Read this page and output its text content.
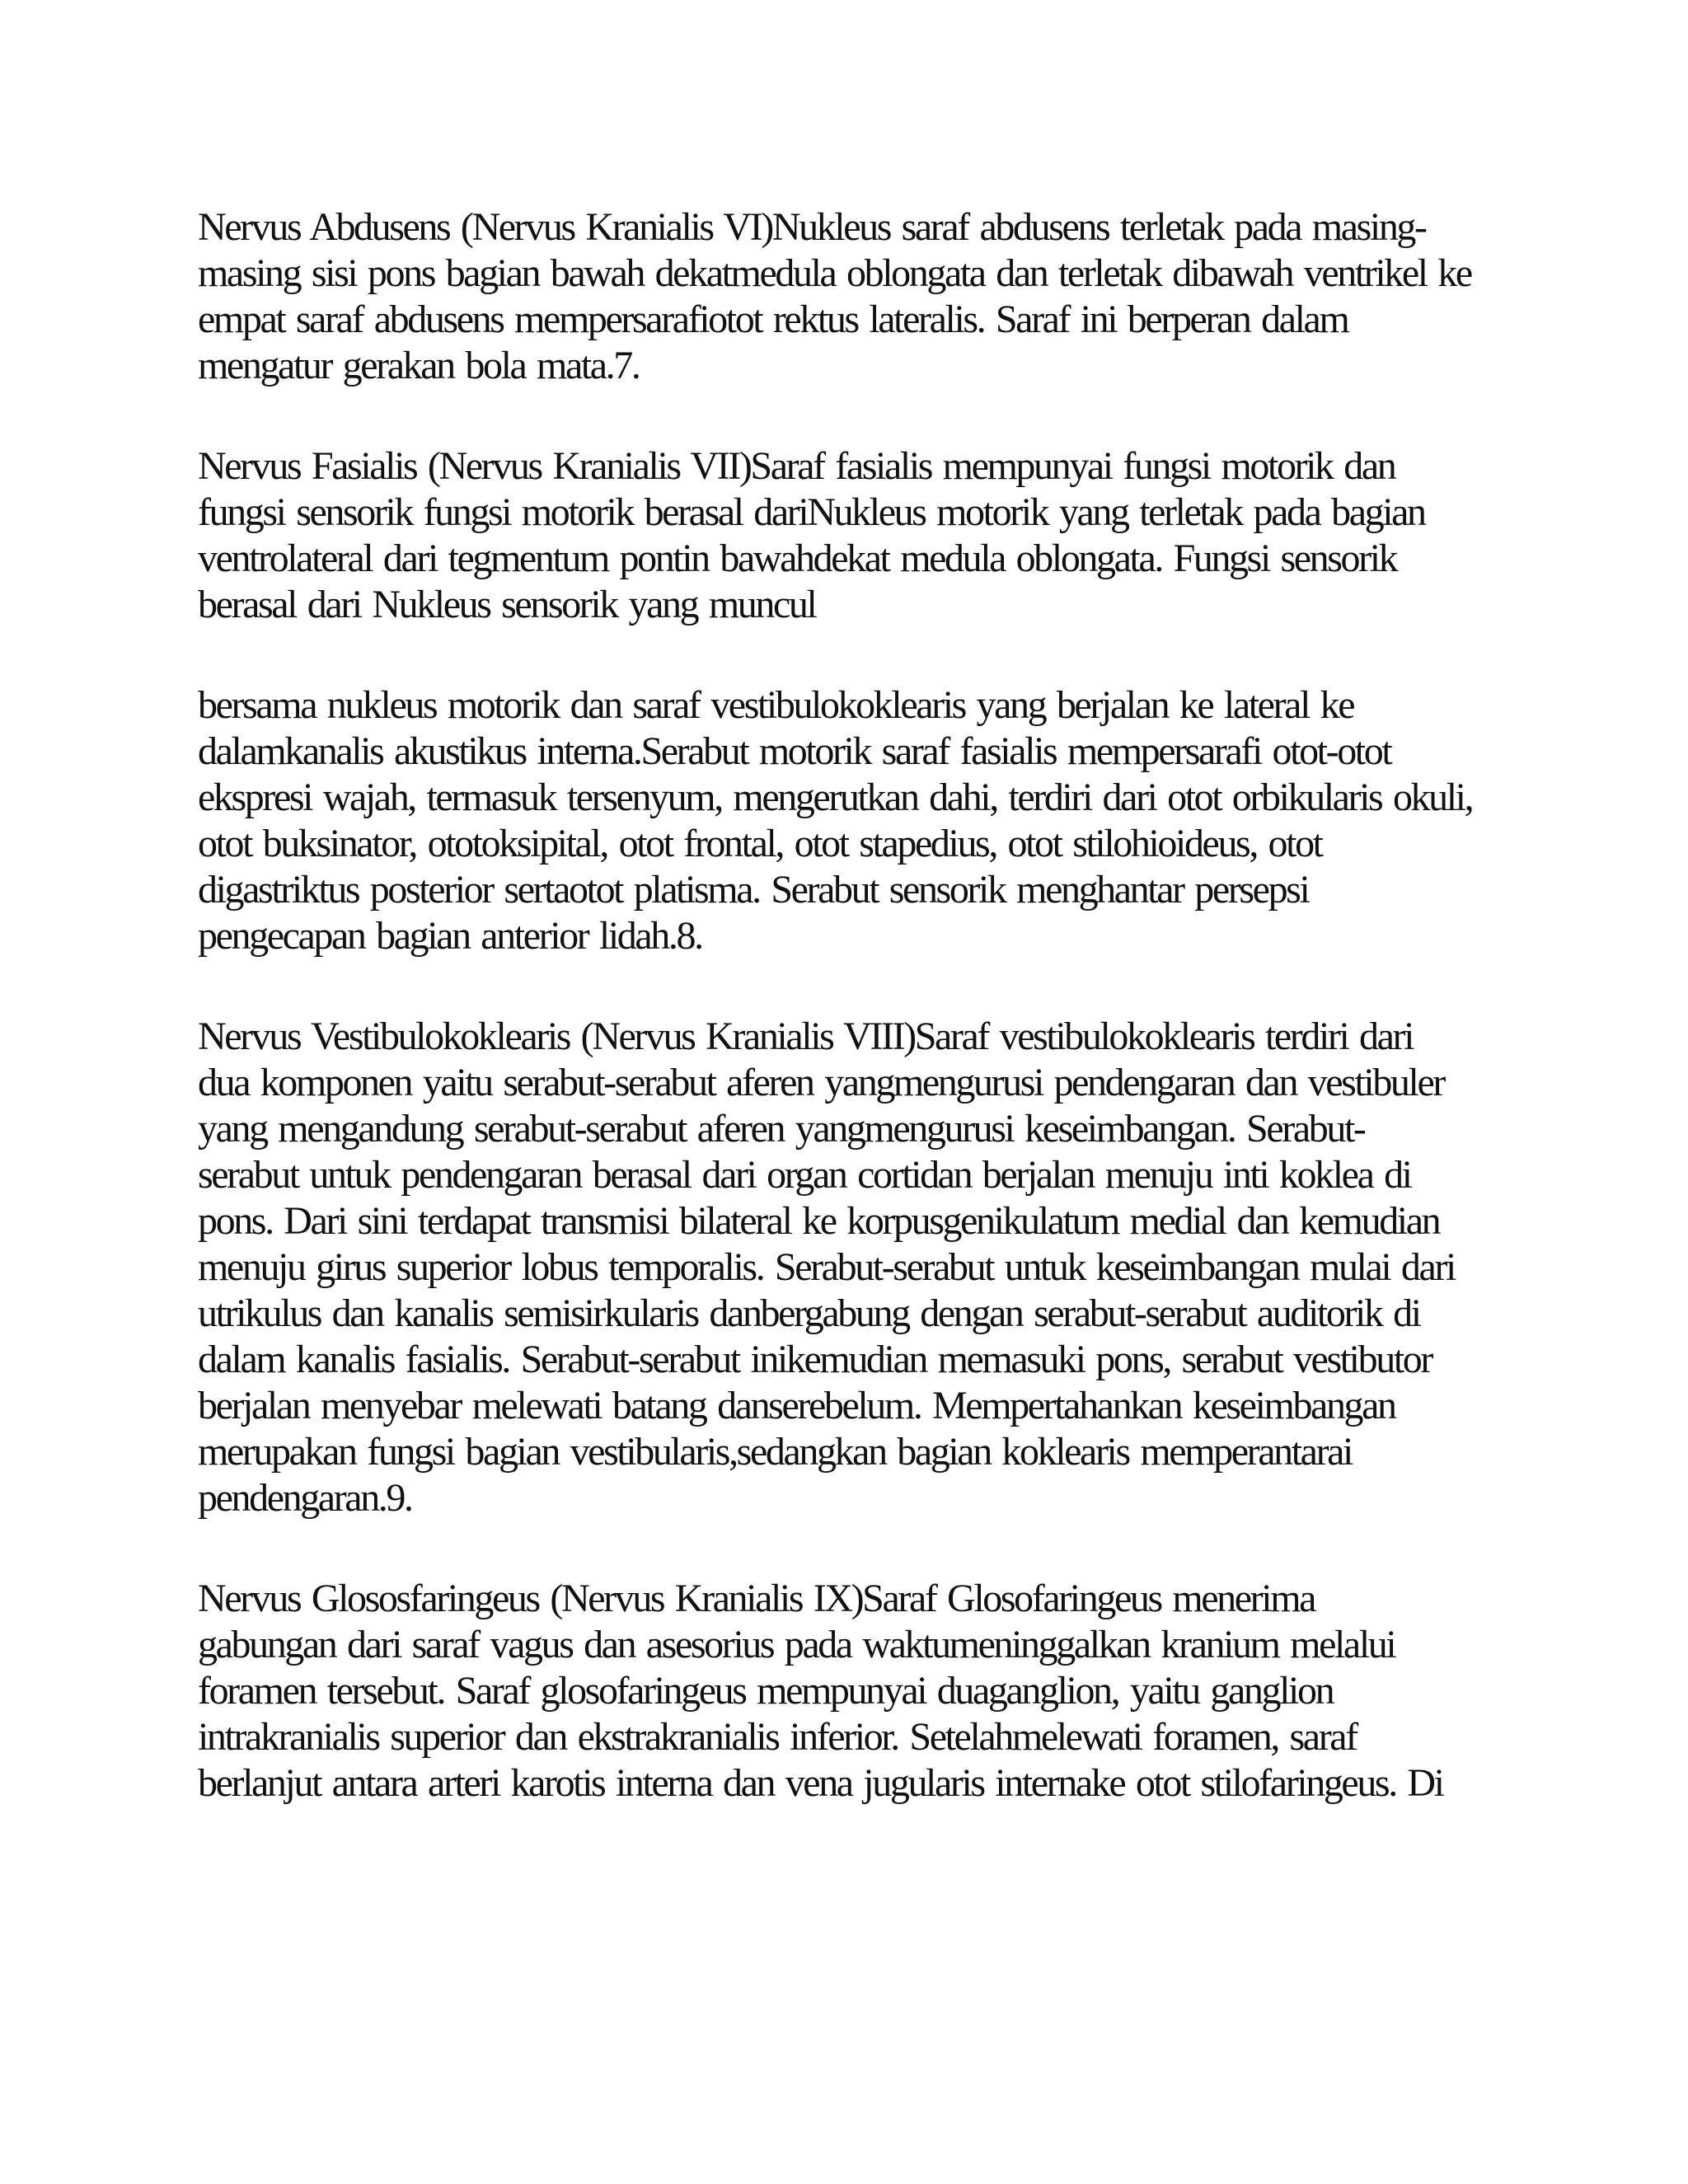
Nervus Abdusens (Nervus Kranialis VI)Nukleus saraf abdusens terletak pada masing-
masing sisi pons bagian bawah dekatmedula oblongata dan terletak dibawah ventrikel ke
empat saraf abdusens mempersarafiotot rektus lateralis. Saraf ini berperan dalam
mengatur gerakan bola mata.7.
Nervus Fasialis (Nervus Kranialis VII)Saraf fasialis mempunyai fungsi motorik dan
fungsi sensorik fungsi motorik berasal dariNukleus motorik yang terletak pada bagian
ventrolateral dari tegmentum pontin bawahdekat medula oblongata. Fungsi sensorik
berasal dari Nukleus sensorik yang muncul
bersama nukleus motorik dan saraf vestibulokoklearis yang berjalan ke lateral ke
dalamkanalis akustikus interna.Serabut motorik saraf fasialis mempersarafi otot-otot
ekspresi wajah, termasuk tersenyum, mengerutkan dahi, terdiri dari otot orbikularis okuli,
otot buksinator, ototoksipital, otot frontal, otot stapedius, otot stilohioideus, otot
digastriktus posterior sertaotot platisma. Serabut sensorik menghantar persepsi
pengecapan bagian anterior lidah.8.
Nervus Vestibulokoklearis (Nervus Kranialis VIII)Saraf vestibulokoklearis terdiri dari
dua komponen yaitu serabut-serabut aferen yangmengurusi pendengaran dan vestibuler
yang mengandung serabut-serabut aferen yangmengurusi keseimbangan. Serabut-
serabut untuk pendengaran berasal dari organ cortidan berjalan menuju inti koklea di
pons. Dari sini terdapat transmisi bilateral ke korpusgenikulatum medial dan kemudian
menuju girus superior lobus temporalis. Serabut-serabut untuk keseimbangan mulai dari
utrikulus dan kanalis semisirkularis danbergabung dengan serabut-serabut auditorik di
dalam kanalis fasialis. Serabut-serabut inikemudian memasuki pons, serabut vestibutor
berjalan menyebar melewati batang danserebelum. Mempertahankan keseimbangan
merupakan fungsi bagian vestibularis,sedangkan bagian koklearis memperantarai
pendengaran.9.
Nervus Glososfaringeus (Nervus Kranialis IX)Saraf Glosofaringeus menerima
gabungan dari saraf vagus dan asesorius pada waktumeninggalkan kranium melalui
foramen tersebut. Saraf glosofaringeus mempunyai duaganglion, yaitu ganglion
intrakranialis superior dan ekstrakranialis inferior. Setelahmelewati foramen, saraf
berlanjut antara arteri karotis interna dan vena jugularis internake otot stilofaringeus. Di
